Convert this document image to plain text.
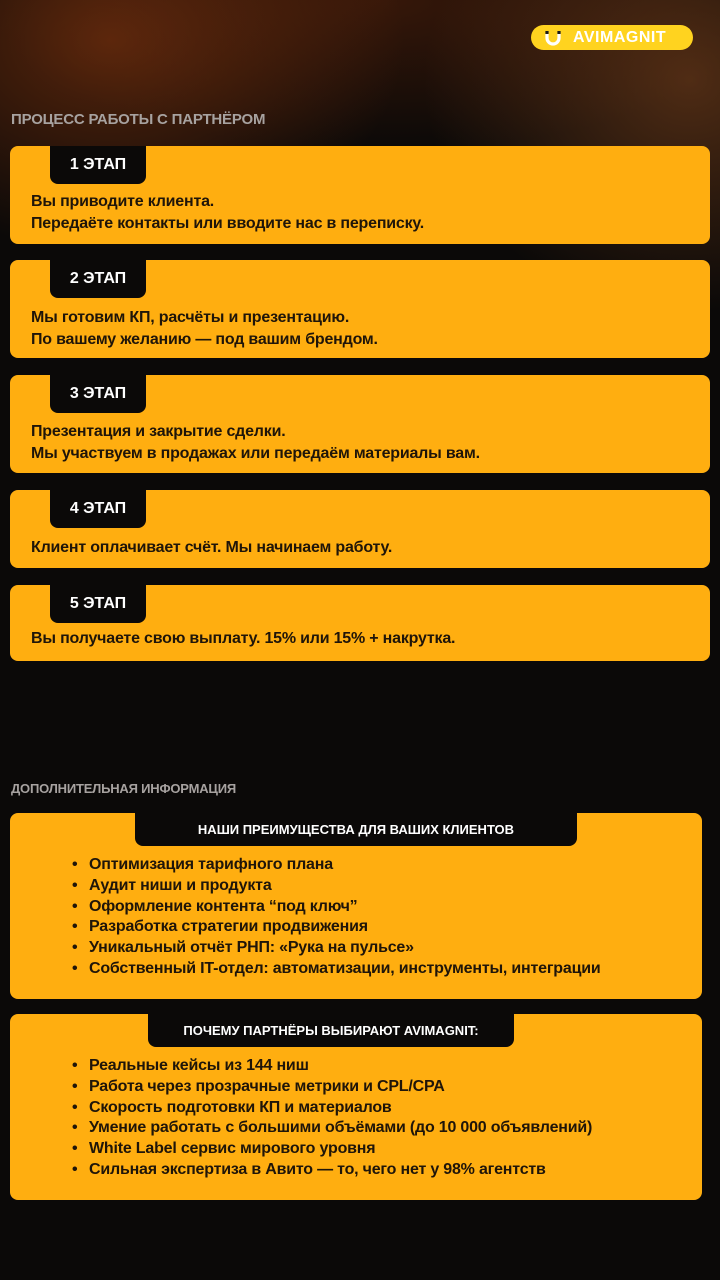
AVIMAGNIT
ПРОЦЕСС РАБОТЫ С ПАРТНЁРОМ
1 ЭТАП
Вы приводите клиента.
Передаёте контакты или вводите нас в переписку.
2 ЭТАП
Мы готовим КП, расчёты и презентацию.
По вашему желанию — под вашим брендом.
3 ЭТАП
Презентация и закрытие сделки.
Мы участвуем в продажах или передаём материалы вам.
4 ЭТАП
Клиент оплачивает счёт. Мы начинаем работу.
5 ЭТАП
Вы получаете свою выплату. 15% или 15% + накрутка.
ДОПОЛНИТЕЛЬНАЯ ИНФОРМАЦИЯ
НАШИ ПРЕИМУЩЕСТВА ДЛЯ ВАШИХ КЛИЕНТОВ
• Оптимизация тарифного плана
• Аудит ниши и продукта
• Оформление контента “под ключ”
• Разработка стратегии продвижения
• Уникальный отчёт РНП: «Рука на пульсе»
• Собственный IT-отдел: автоматизации, инструменты, интеграции
ПОЧЕМУ ПАРТНЁРЫ ВЫБИРАЮТ AVIMAGNIT:
• Реальные кейсы из 144 ниш
• Работа через прозрачные метрики и CPL/CPA
• Скорость подготовки КП и материалов
• Умение работать с большими объёмами (до 10 000 объявлений)
• White Label сервис мирового уровня
• Сильная экспертиза в Авито — то, чего нет у 98% агентств
